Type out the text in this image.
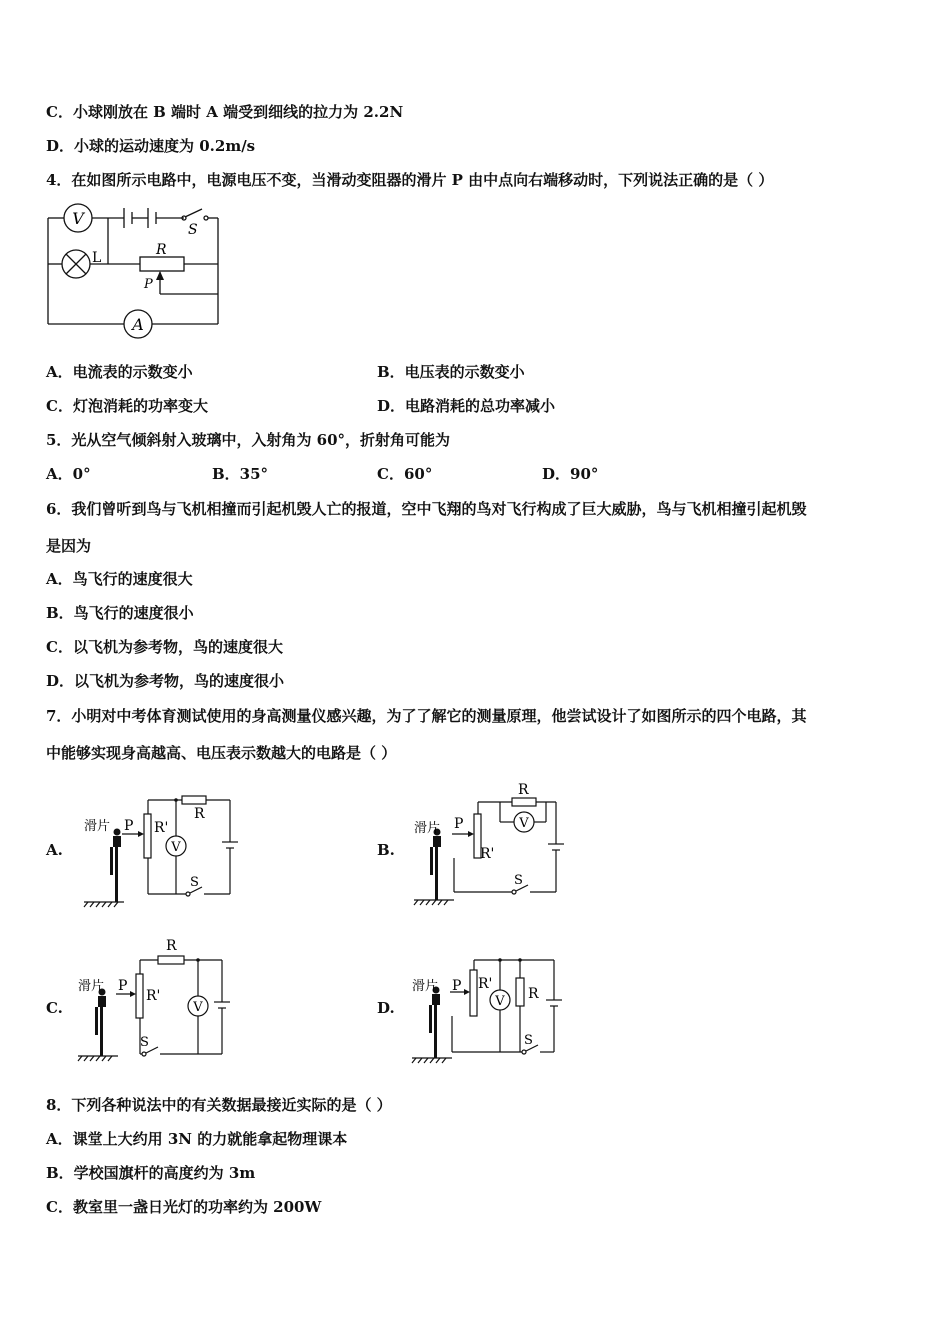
C．小球刚放在 B 端时 A 端受到细线的拉力为 2.2N
D．小球的运动速度为 0.2m/s
4．在如图所示电路中，电源电压不变，当滑动变阻器的滑片 P 由中点向右端移动时，下列说法正确的是（ ）
V
A
S
L	R
P
A．电流表的示数变小	B．电压表的示数变小
C．灯泡消耗的功率变大	D．电路消耗的总功率减小
5．光从空气倾斜射入玻璃中，入射角为 60°，折射角可能为
A．0°	B．35°	C．60°	D．90°
6．我们曾听到鸟与飞机相撞而引起机毁人亡的报道，空中飞翔的鸟对飞行构成了巨大威胁，鸟与飞机相撞引起机毁
是因为
A．鸟飞行的速度很大
B．鸟飞行的速度很小
C．以飞机为参考物，鸟的速度很大
D．以飞机为参考物，鸟的速度很小
7．小明对中考体育测试使用的身高测量仪感兴趣，为了了解它的测量原理，他尝试设计了如图所示的四个电路，其
中能够实现身高越高、电压表示数越大的电路是（ ）
A.
滑片 P R'
R
V
S
B.
滑片 P
R'
R
V
S
C.
滑片 P
R'
R
V
S
D.
滑片 P R'
R
V
S
8．下列各种说法中的有关数据最接近实际的是（ ）
A．课堂上大约用 3N 的力就能拿起物理课本
B．学校国旗杆的高度约为 3m
C．教室里一盏日光灯的功率约为 200W
